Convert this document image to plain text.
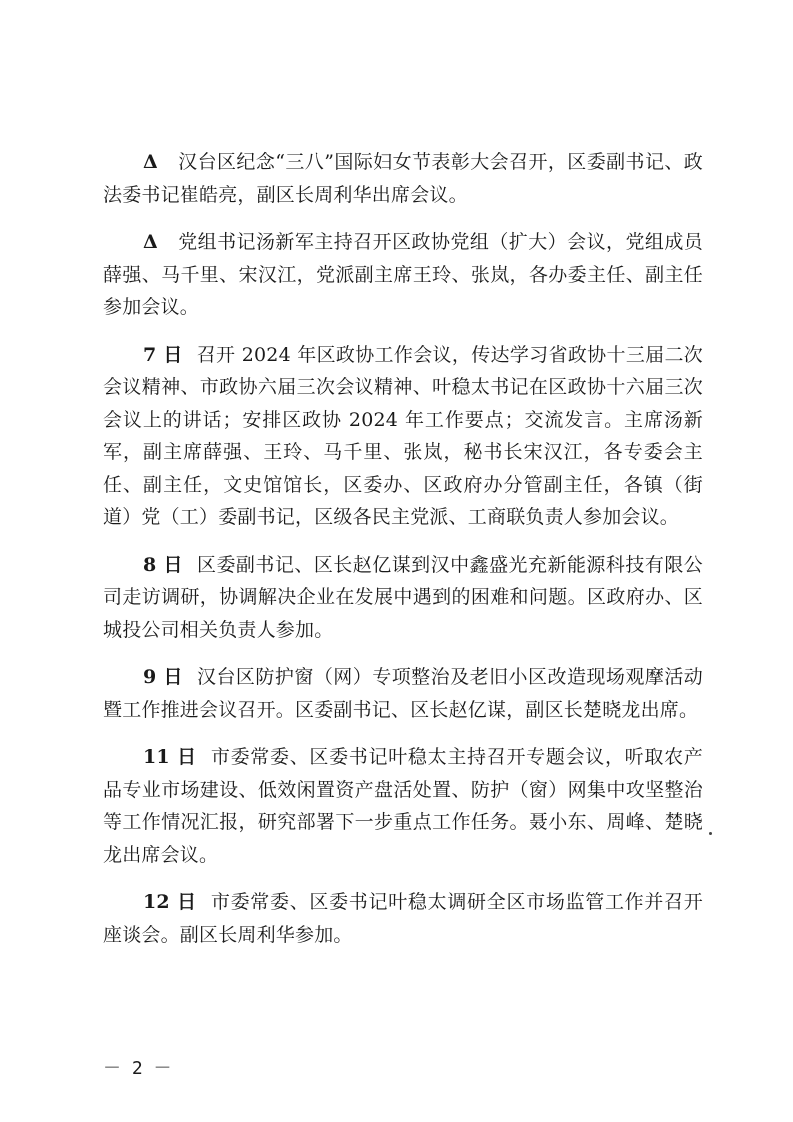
Δ 汉台区纪念“三八”国际妇女节表彰大会召开，区委副书记、政法委书记崔皓亮，副区长周利华出席会议。

Δ 党组书记汤新军主持召开区政协党组（扩大）会议，党组成员薛强、马千里、宋汉江，党派副主席王玲、张岚，各办委主任、副主任参加会议。

7 日 召开 2024 年区政协工作会议，传达学习省政协十三届二次会议精神、市政协六届三次会议精神、叶稳太书记在区政协十六届三次会议上的讲话；安排区政协 2024 年工作要点；交流发言。主席汤新军，副主席薛强、王玲、马千里、张岚，秘书长宋汉江，各专委会主任、副主任，文史馆馆长，区委办、区政府办分管副主任，各镇（街道）党（工）委副书记，区级各民主党派、工商联负责人参加会议。

8 日 区委副书记、区长赵亿谋到汉中鑫盛光充新能源科技有限公司走访调研，协调解决企业在发展中遇到的困难和问题。区政府办、区城投公司相关负责人参加。

9 日 汉台区防护窗（网）专项整治及老旧小区改造现场观摩活动暨工作推进会议召开。区委副书记、区长赵亿谋，副区长楚晓龙出席。

11 日 市委常委、区委书记叶稳太主持召开专题会议，听取农产品专业市场建设、低效闲置资产盘活处置、防护（窗）网集中攻坚整治等工作情况汇报，研究部署下一步重点工作任务。聂小东、周峰、楚晓龙出席会议。

12 日 市委常委、区委书记叶稳太调研全区市场监管工作并召开座谈会。副区长周利华参加。

－ 2 －
